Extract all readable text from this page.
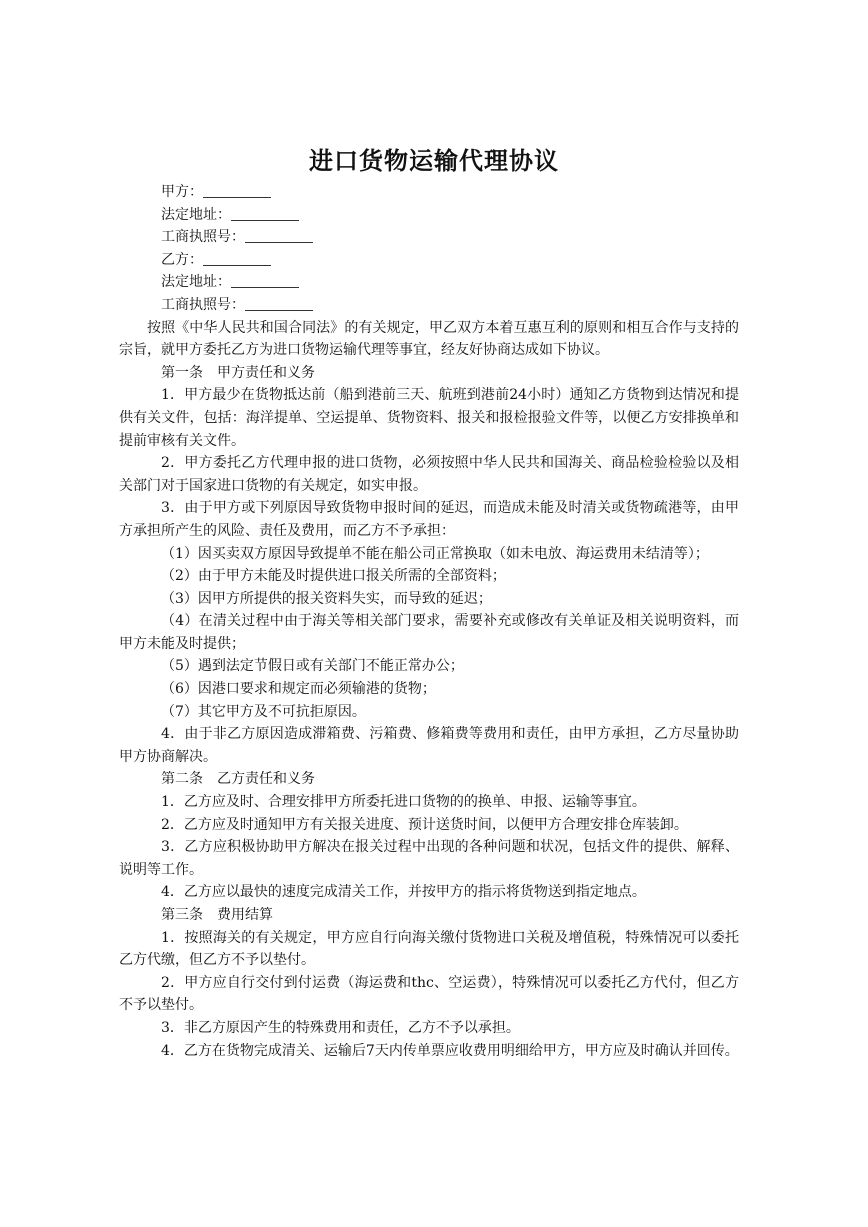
进口货物运输代理协议

甲方：

法定地址：

工商执照号：

乙方：

法定地址：

工商执照号：

按照《中华人民共和国合同法》的有关规定，甲乙双方本着互惠互利的原则和相互合作与支持的宗旨，就甲方委托乙方为进口货物运输代理等事宜，经友好协商达成如下协议。

第一条　甲方责任和义务

1．甲方最少在货物抵达前（船到港前三天、航班到港前24小时）通知乙方货物到达情况和提供有关文件，包括：海洋提单、空运提单、货物资料、报关和报检报验文件等，以便乙方安排换单和提前审核有关文件。

2．甲方委托乙方代理申报的进口货物，必须按照中华人民共和国海关、商品检验检验以及相关部门对于国家进口货物的有关规定，如实申报。

3．由于甲方或下列原因导致货物申报时间的延迟，而造成未能及时清关或货物疏港等，由甲方承担所产生的风险、责任及费用，而乙方不予承担：

（1）因买卖双方原因导致提单不能在船公司正常换取（如未电放、海运费用未结清等）；

（2）由于甲方未能及时提供进口报关所需的全部资料；

（3）因甲方所提供的报关资料失实，而导致的延迟；

（4）在清关过程中由于海关等相关部门要求，需要补充或修改有关单证及相关说明资料，而甲方未能及时提供；

（5）遇到法定节假日或有关部门不能正常办公；

（6）因港口要求和规定而必须输港的货物；

（7）其它甲方及不可抗拒原因。

4．由于非乙方原因造成滞箱费、污箱费、修箱费等费用和责任，由甲方承担，乙方尽量协助甲方协商解决。

第二条　乙方责任和义务

1．乙方应及时、合理安排甲方所委托进口货物的的换单、申报、运输等事宜。

2．乙方应及时通知甲方有关报关进度、预计送货时间，以便甲方合理安排仓库装卸。

3．乙方应积极协助甲方解决在报关过程中出现的各种问题和状况，包括文件的提供、解释、说明等工作。

4．乙方应以最快的速度完成清关工作，并按甲方的指示将货物送到指定地点。

第三条　费用结算

1．按照海关的有关规定，甲方应自行向海关缴付货物进口关税及增值税，特殊情况可以委托乙方代缴，但乙方不予以垫付。

2．甲方应自行交付到付运费（海运费和thc、空运费），特殊情况可以委托乙方代付，但乙方不予以垫付。

3．非乙方原因产生的特殊费用和责任，乙方不予以承担。

4．乙方在货物完成清关、运输后7天内传单票应收费用明细给甲方，甲方应及时确认并回传。
